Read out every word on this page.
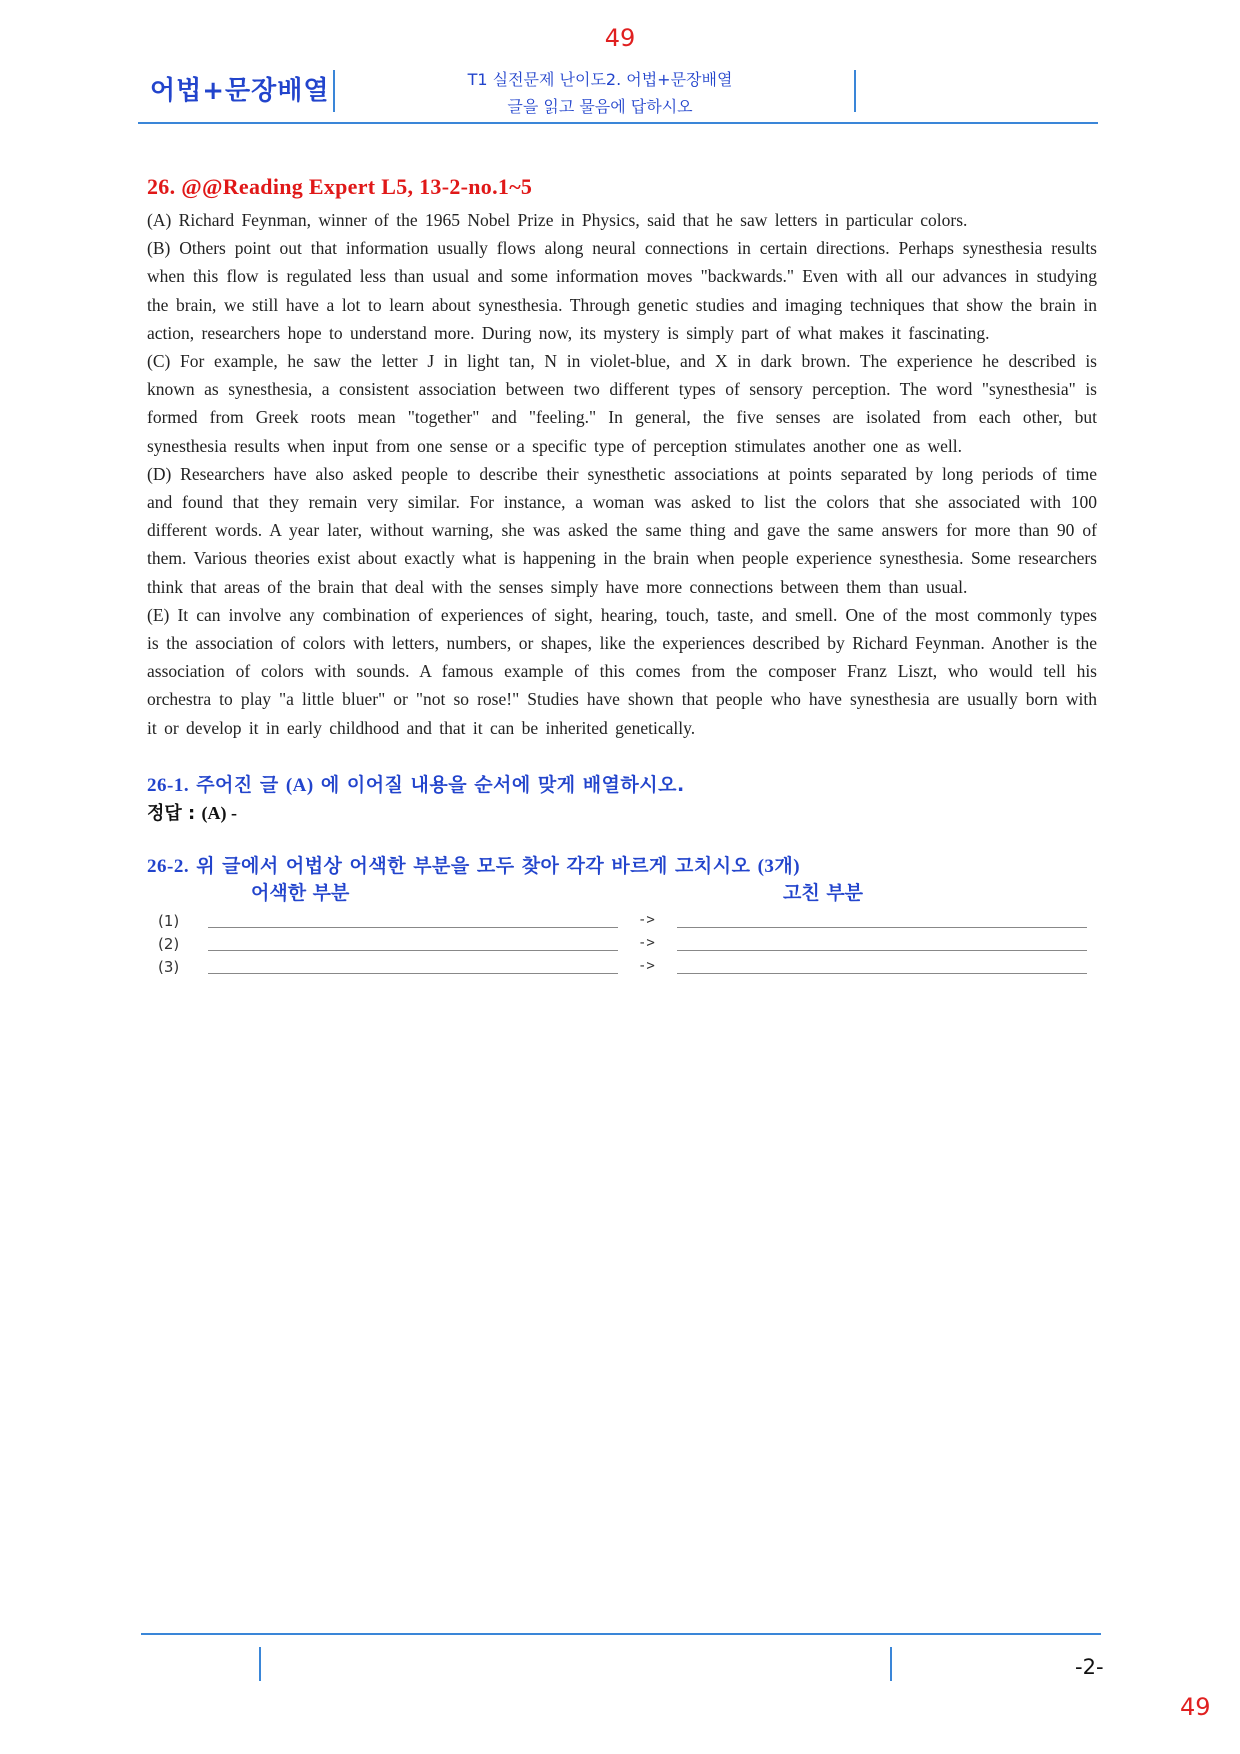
49
어법+문장배열	T1 실전문제 난이도2. 어법+문장배열
글을 읽고 물음에 답하시오
26. @@Reading Expert L5, 13-2-no.1~5

(A) Richard Feynman, winner of the 1965 Nobel Prize in Physics, said that he saw letters in particular colors.

(B) Others point out that information usually flows along neural connections in certain directions. Perhaps synesthesia results when this flow is regulated less than usual and some information moves "backwards." Even with all our advances in studying the brain, we still have a lot to learn about synesthesia. Through genetic studies and imaging techniques that show the brain in action, researchers hope to understand more. During now, its mystery is simply part of what makes it fascinating.

(C) For example, he saw the letter J in light tan, N in violet-blue, and X in dark brown. The experience he described is known as synesthesia, a consistent association between two different types of sensory perception. The word "synesthesia" is formed from Greek roots mean "together" and "feeling." In general, the five senses are isolated from each other, but synesthesia results when input from one sense or a specific type of perception stimulates another one as well.

(D) Researchers have also asked people to describe their synesthetic associations at points separated by long periods of time and found that they remain very similar. For instance, a woman was asked to list the colors that she associated with 100 different words. A year later, without warning, she was asked the same thing and gave the same answers for more than 90 of them. Various theories exist about exactly what is happening in the brain when people experience synesthesia. Some researchers think that areas of the brain that deal with the senses simply have more connections between them than usual.

(E) It can involve any combination of experiences of sight, hearing, touch, taste, and smell. One of the most commonly types is the association of colors with letters, numbers, or shapes, like the experiences described by Richard Feynman. Another is the association of colors with sounds. A famous example of this comes from the composer Franz Liszt, who would tell his orchestra to play "a little bluer" or "not so rose!" Studies have shown that people who have synesthesia are usually born with it or develop it in early childhood and that it can be inherited genetically.

26-1. 주어진 글 (A) 에 이어질 내용을 순서에 맞게 배열하시오.

정답 : (A) -

26-2. 위 글에서 어법상 어색한 부분을 모두 찾아 각각 바르게 고치시오 (3개)

어색한 부분	고친 부분
(1)	->
(2)	->
(3)	->
-2-
49
